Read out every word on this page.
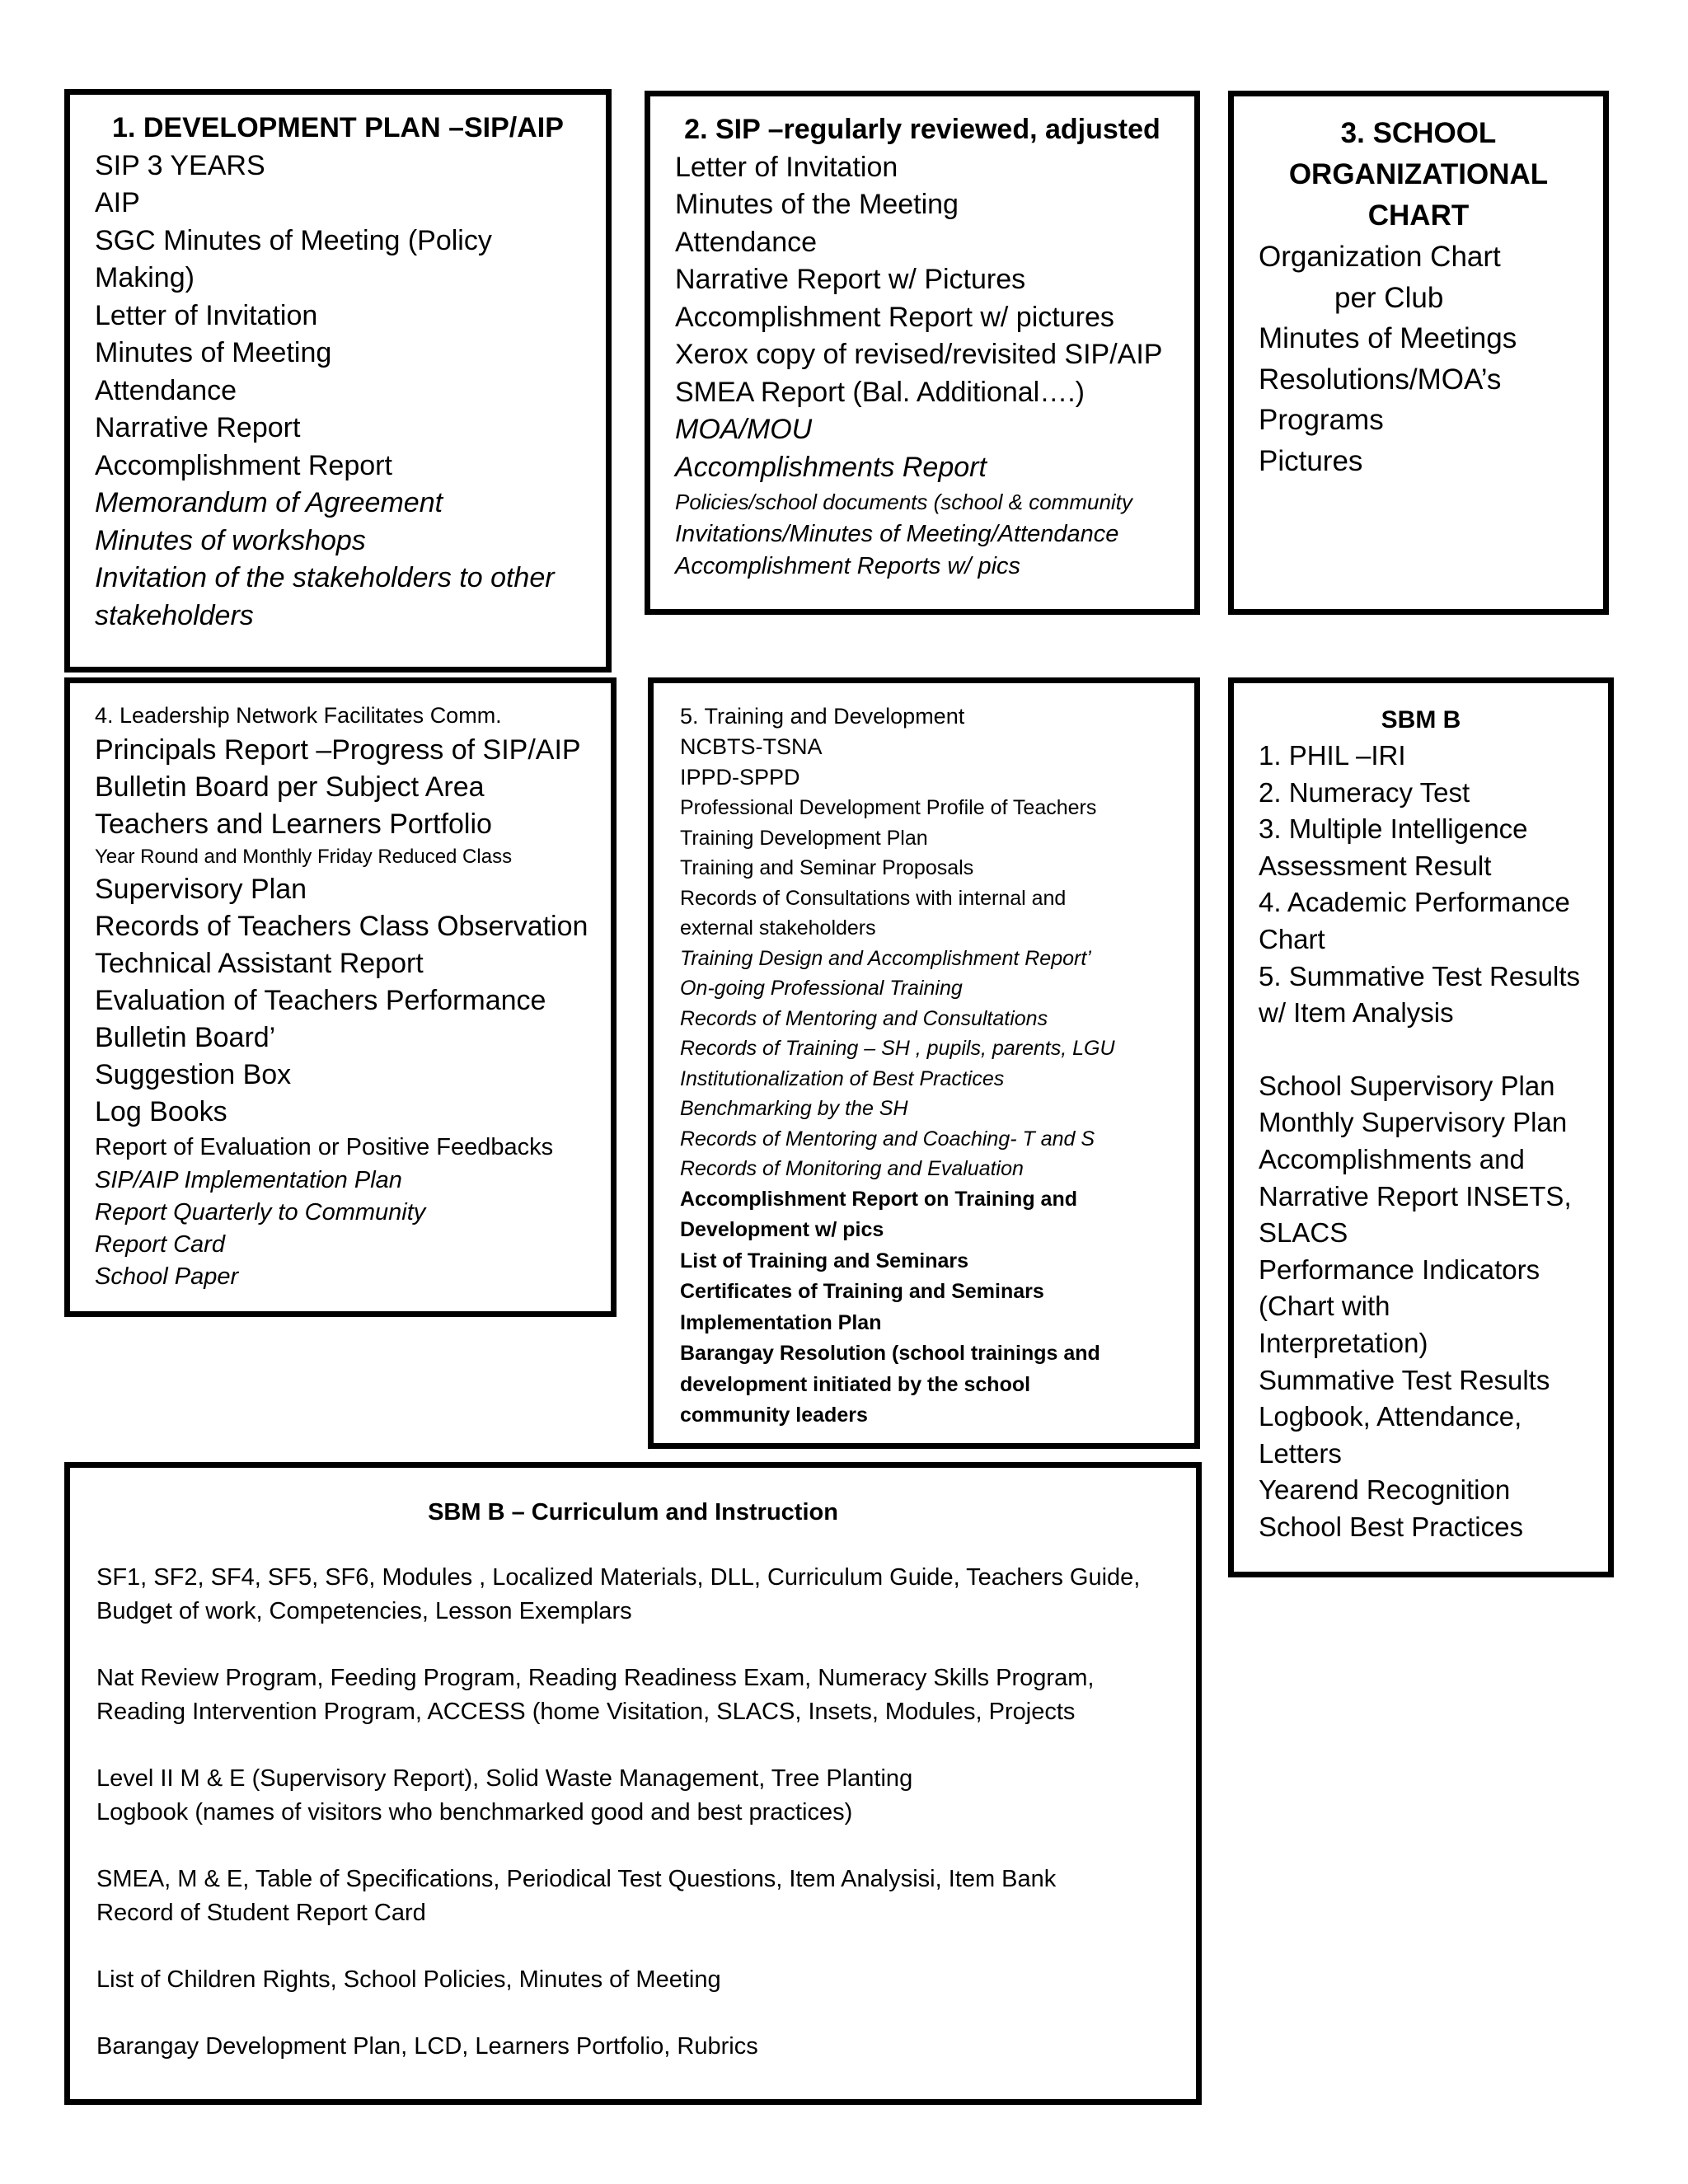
1. DEVELOPMENT PLAN –SIP/AIP
SIP 3 YEARS
AIP
SGC Minutes of Meeting (Policy
Making)
Letter of Invitation
Minutes of Meeting
Attendance
Narrative Report
Accomplishment Report
Memorandum of Agreement
Minutes of workshops
Invitation of the stakeholders to other stakeholders
2. SIP –regularly reviewed, adjusted
Letter of Invitation
Minutes of the Meeting
Attendance
Narrative Report w/ Pictures
Accomplishment Report w/ pictures
Xerox copy of revised/revisited SIP/AIP
SMEA Report (Bal. Additional….)
MOA/MOU
Accomplishments Report
Policies/school documents (school & community
Invitations/Minutes of Meeting/Attendance
Accomplishment Reports w/ pics
3. SCHOOL
ORGANIZATIONAL
CHART
Organization Chart
per Club
Minutes of Meetings
Resolutions/MOA’s
Programs
Pictures
4. Leadership Network Facilitates Comm.
Principals Report –Progress of SIP/AIP
Bulletin Board per Subject Area
Teachers and Learners Portfolio
Year Round and Monthly Friday Reduced Class
Supervisory Plan
Records of Teachers Class Observation
Technical Assistant Report
Evaluation of Teachers Performance
Bulletin Board’
Suggestion Box
Log Books
Report of Evaluation or Positive Feedbacks
SIP/AIP Implementation Plan
Report Quarterly to Community
Report Card
School Paper
5. Training and Development
NCBTS-TSNA
IPPD-SPPD
Professional Development Profile of Teachers
Training Development Plan
Training and Seminar Proposals
Records of Consultations with internal and
external stakeholders
Training Design and Accomplishment Report’
On-going Professional Training
Records of Mentoring and Consultations
Records of Training – SH , pupils, parents, LGU
Institutionalization of Best Practices
Benchmarking by the SH
Records of Mentoring and Coaching- T and S
Records of Monitoring and Evaluation
Accomplishment Report on Training and
Development w/ pics
List of Training and Seminars
Certificates of Training and Seminars
Implementation Plan
Barangay Resolution (school trainings and
development initiated by the school
community leaders
SBM B
1. PHIL –IRI
2. Numeracy Test
3. Multiple Intelligence
Assessment Result
4. Academic Performance
Chart
5. Summative Test Results
w/ Item Analysis
School Supervisory Plan
Monthly Supervisory Plan
Accomplishments and
Narrative Report INSETS,
SLACS
Performance Indicators
(Chart with
Interpretation)
Summative Test Results
Logbook, Attendance,
Letters
Yearend Recognition
School Best Practices
SBM B – Curriculum and Instruction
SF1, SF2, SF4, SF5, SF6, Modules , Localized Materials, DLL, Curriculum Guide, Teachers Guide,
Budget of work, Competencies, Lesson Exemplars
Nat Review Program, Feeding Program, Reading Readiness Exam, Numeracy Skills Program,
Reading Intervention Program, ACCESS (home Visitation, SLACS, Insets, Modules, Projects
Level II M & E (Supervisory Report), Solid Waste Management, Tree Planting
Logbook (names of visitors who benchmarked good and best practices)
SMEA, M & E, Table of Specifications, Periodical Test Questions, Item Analysisi, Item Bank
Record of Student Report Card
List of Children Rights, School Policies, Minutes of Meeting
Barangay Development Plan, LCD, Learners Portfolio, Rubrics
